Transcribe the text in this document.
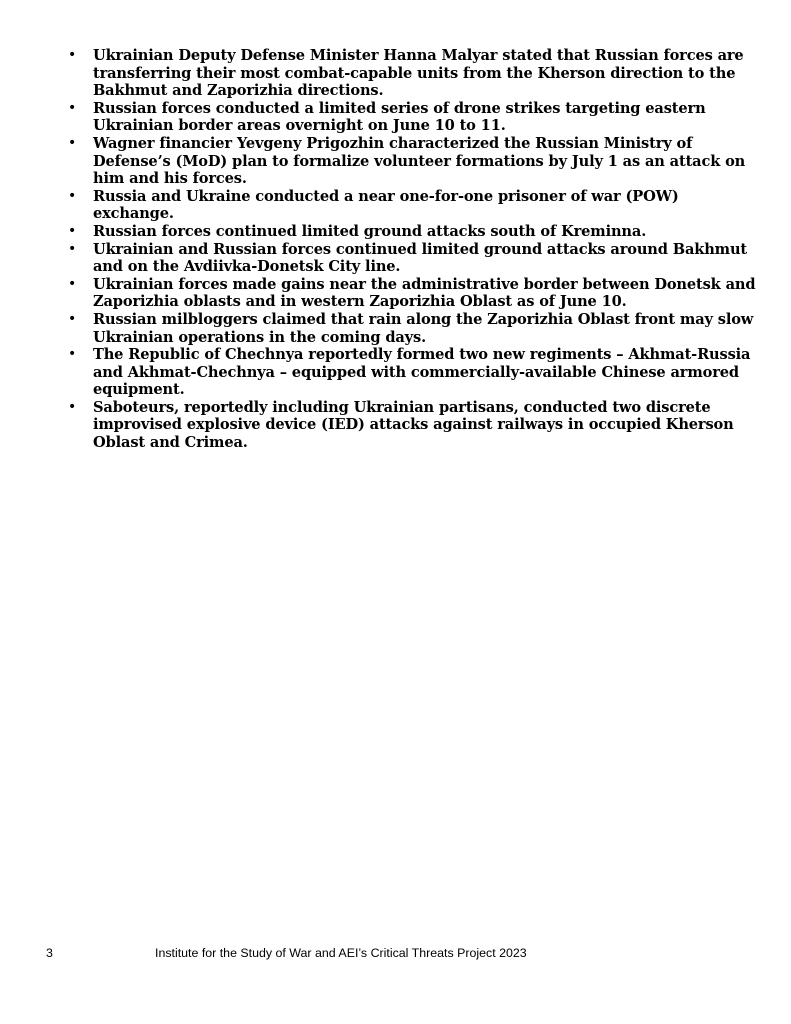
• Ukrainian Deputy Defense Minister Hanna Malyar stated that Russian forces are transferring their most combat-capable units from the Kherson direction to the Bakhmut and Zaporizhia directions.
• Russian forces conducted a limited series of drone strikes targeting eastern Ukrainian border areas overnight on June 10 to 11.
• Wagner financier Yevgeny Prigozhin characterized the Russian Ministry of Defense’s (MoD) plan to formalize volunteer formations by July 1 as an attack on him and his forces.
• Russia and Ukraine conducted a near one-for-one prisoner of war (POW) exchange.
• Russian forces continued limited ground attacks south of Kreminna.
• Ukrainian and Russian forces continued limited ground attacks around Bakhmut and on the Avdiivka-Donetsk City line.
• Ukrainian forces made gains near the administrative border between Donetsk and Zaporizhia oblasts and in western Zaporizhia Oblast as of June 10.
• Russian milbloggers claimed that rain along the Zaporizhia Oblast front may slow Ukrainian operations in the coming days.
• The Republic of Chechnya reportedly formed two new regiments – Akhmat-Russia and Akhmat-Chechnya – equipped with commercially-available Chinese armored equipment.
• Saboteurs, reportedly including Ukrainian partisans, conducted two discrete improvised explosive device (IED) attacks against railways in occupied Kherson Oblast and Crimea.
3	Institute for the Study of War and AEI’s Critical Threats Project 2023
